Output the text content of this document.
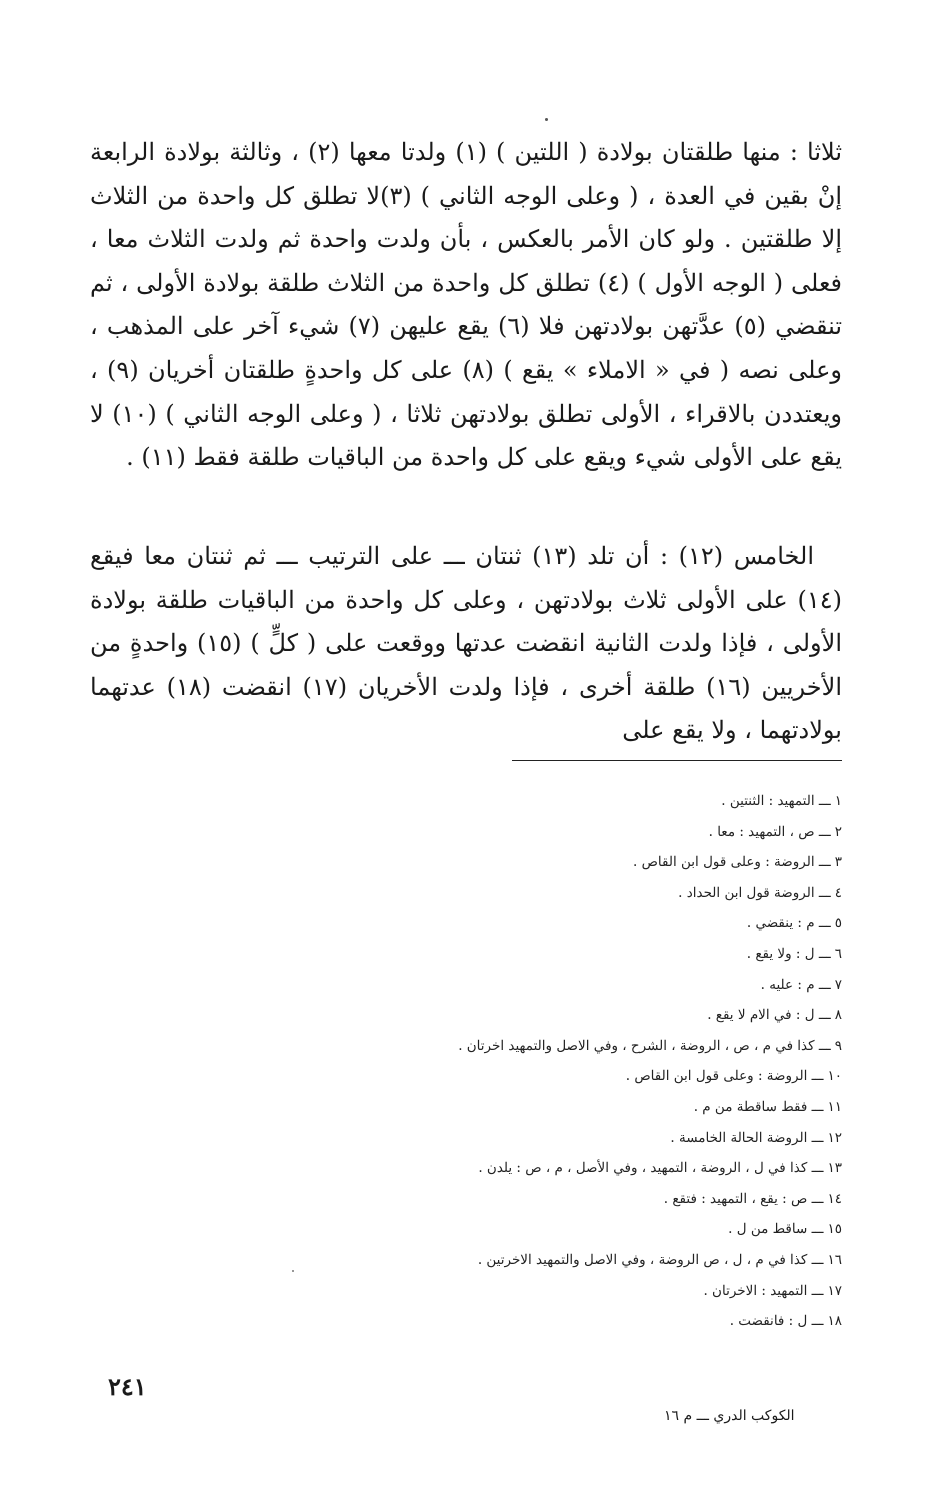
ثلاثا : منها طلقتان بولادة ( اللتين ) (١) ولدتا معها (٢) ، وثالثة بولادة الرابعة إنْ بقين في العدة ، ( وعلى الوجه الثاني ) (٣)لا تطلق كل واحدة من الثلاث إلا طلقتين . ولو كان الأمر بالعكس ، بأن ولدت واحدة ثم ولدت الثلاث معا ، فعلى ( الوجه الأول ) (٤) تطلق كل واحدة من الثلاث طلقة بولادة الأولى ، ثم تنقضي (٥) عدَّتهن بولادتهن فلا (٦) يقع عليهن (٧) شيء آخر على المذهب ، وعلى نصه ( في « الاملاء » يقع ) (٨) على كل واحدةٍ طلقتان أخريان (٩) ، ويعتددن بالاقراء ، الأولى تطلق بولادتهن ثلاثا ، ( وعلى الوجه الثاني ) (١٠) لا يقع على الأولى شيء ويقع على كل واحدة من الباقيات طلقة فقط (١١) .

الخامس (١٢) : أن تلد (١٣) ثنتان ـــ على الترتيب ـــ ثم ثنتان معا فيقع (١٤) على الأولى ثلاث بولادتهن ، وعلى كل واحدة من الباقيات طلقة بولادة الأولى ، فإذا ولدت الثانية انقضت عدتها ووقعت على ( كلٍّ ) (١٥) واحدةٍ من الأخريين (١٦) طلقة أخرى ، فإذا ولدت الأخريان (١٧) انقضت (١٨) عدتهما بولادتهما ، ولا يقع على

١ـــ التمهيد : الثنتين .
٢ـــ ص ، التمهيد : معا .
٣ـــ الروضة : وعلى قول ابن القاص .
٤ـــ الروضة قول ابن الحداد .
٥ـــ م : ينقضي .
٦ـــ ل : ولا يقع .
٧ـــ م : عليه .
٨ـــ ل : في الام لا يقع .
٩ـــ كذا في م ، ص ، الروضة ، الشرح ، وفي الاصل والتمهيد اخرتان .
١٠ـــ الروضة : وعلى قول ابن القاص .
١١ـــ فقط ساقطة من م .
١٢ـــ الروضة الحالة الخامسة .
١٣ـــ كذا في ل ، الروضة ، التمهيد ، وفي الأصل ، م ، ص : يلدن .
١٤ـــ ص : يقع ، التمهيد : فتقع .
١٥ـــ ساقط من ل .
١٦ـــ كذا في م ، ل ، ص الروضة ، وفي الاصل والتمهيد الاخرتين .
١٧ـــ التمهيد : الاخرتان .
١٨ـــ ل : فانقضت .
٢٤١
الكوكب الدري ـــ م ١٦
